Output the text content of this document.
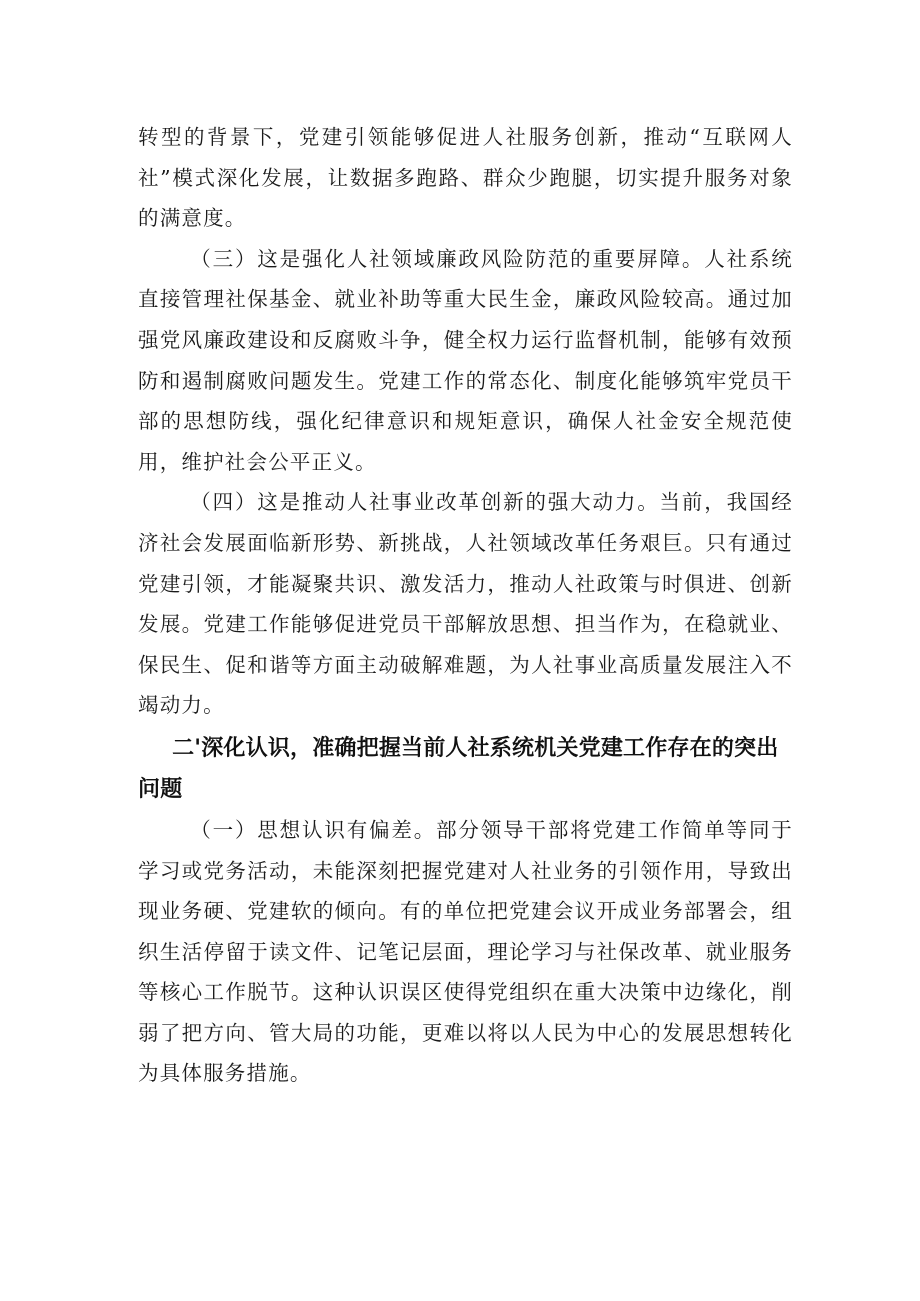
转型的背景下，党建引领能够促进人社服务创新，推动“互联网人社”模式深化发展，让数据多跑路、群众少跑腿，切实提升服务对象的满意度。

（三）这是强化人社领域廉政风险防范的重要屏障。人社系统直接管理社保基金、就业补助等重大民生金，廉政风险较高。通过加强党风廉政建设和反腐败斗争，健全权力运行监督机制，能够有效预防和遏制腐败问题发生。党建工作的常态化、制度化能够筑牢党员干部的思想防线，强化纪律意识和规矩意识，确保人社金安全规范使用，维护社会公平正义。

（四）这是推动人社事业改革创新的强大动力。当前，我国经济社会发展面临新形势、新挑战，人社领域改革任务艰巨。只有通过党建引领，才能凝聚共识、激发活力，推动人社政策与时俱进、创新发展。党建工作能够促进党员干部解放思想、担当作为，在稳就业、保民生、促和谐等方面主动破解难题，为人社事业高质量发展注入不竭动力。

二'深化认识，准确把握当前人社系统机关党建工作存在的突出问题

（一）思想认识有偏差。部分领导干部将党建工作简单等同于学习或党务活动，未能深刻把握党建对人社业务的引领作用，导致出现业务硬、党建软的倾向。有的单位把党建会议开成业务部署会，组织生活停留于读文件、记笔记层面，理论学习与社保改革、就业服务等核心工作脱节。这种认识误区使得党组织在重大决策中边缘化，削弱了把方向、管大局的功能，更难以将以人民为中心的发展思想转化为具体服务措施。
